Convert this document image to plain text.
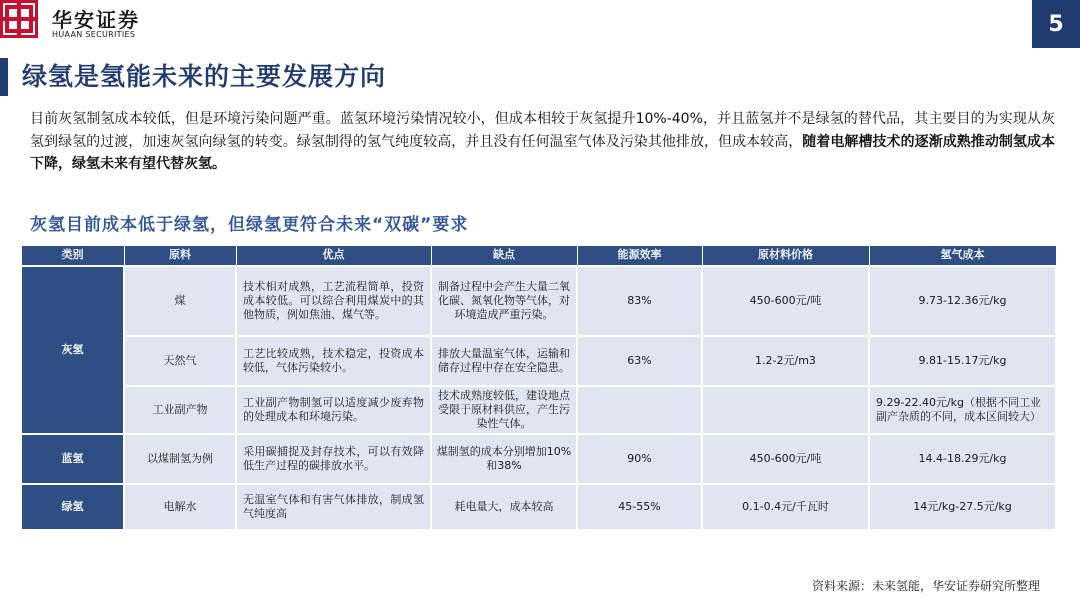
华安证券
HUAAN SECURITIES	5
绿氢是氢能未来的主要发展方向

目前灰氢制氢成本较低，但是环境污染问题严重。蓝氢环境污染情况较小，但成本相较于灰氢提升10%-40%，并且蓝氢并不是绿氢的替代品，其主要目的为实现从灰氢到绿氢的过渡，加速灰氢向绿氢的转变。绿氢制得的氢气纯度较高，并且没有任何温室气体及污染其他排放，但成本较高，随着电解槽技术的逐渐成熟推动制氢成本下降，绿氢未来有望代替灰氢。

灰氢目前成本低于绿氢，但绿氢更符合未来“双碳”要求
类别	原料	优点	缺点	能源效率	原材料价格	氢气成本
灰氢	煤	技术相对成熟，工艺流程简单，投资成本较低。可以综合利用煤炭中的其他物质，例如焦油、煤气等。	制备过程中会产生大量二氧化碳、氮氧化物等气体，对环境造成严重污染。	83%	450-600元/吨	9.73-12.36元/kg
	天然气	工艺比较成熟，技术稳定，投资成本较低，气体污染较小。	排放大量温室气体，运输和储存过程中存在安全隐患。	63%	1.2-2元/m3	9.81-15.17元/kg
	工业副产物	工业副产物制氢可以适度减少废弃物的处理成本和环境污染。	技术成熟度较低，建设地点受限于原材料供应，产生污染性气体。			9.29-22.40元/kg（根据不同工业副产杂质的不同，成本区间较大）
蓝氢	以煤制氢为例	采用碳捕捉及封存技术，可以有效降低生产过程的碳排放水平。	煤制氢的成本分别增加10%和38%	90%	450-600元/吨	14.4-18.29元/kg
绿氢	电解水	无温室气体和有害气体排放，制成氢气纯度高	耗电量大，成本较高	45-55%	0.1-0.4元/千瓦时	14元/kg-27.5元/kg
资料来源：未来氢能，华安证券研究所整理
